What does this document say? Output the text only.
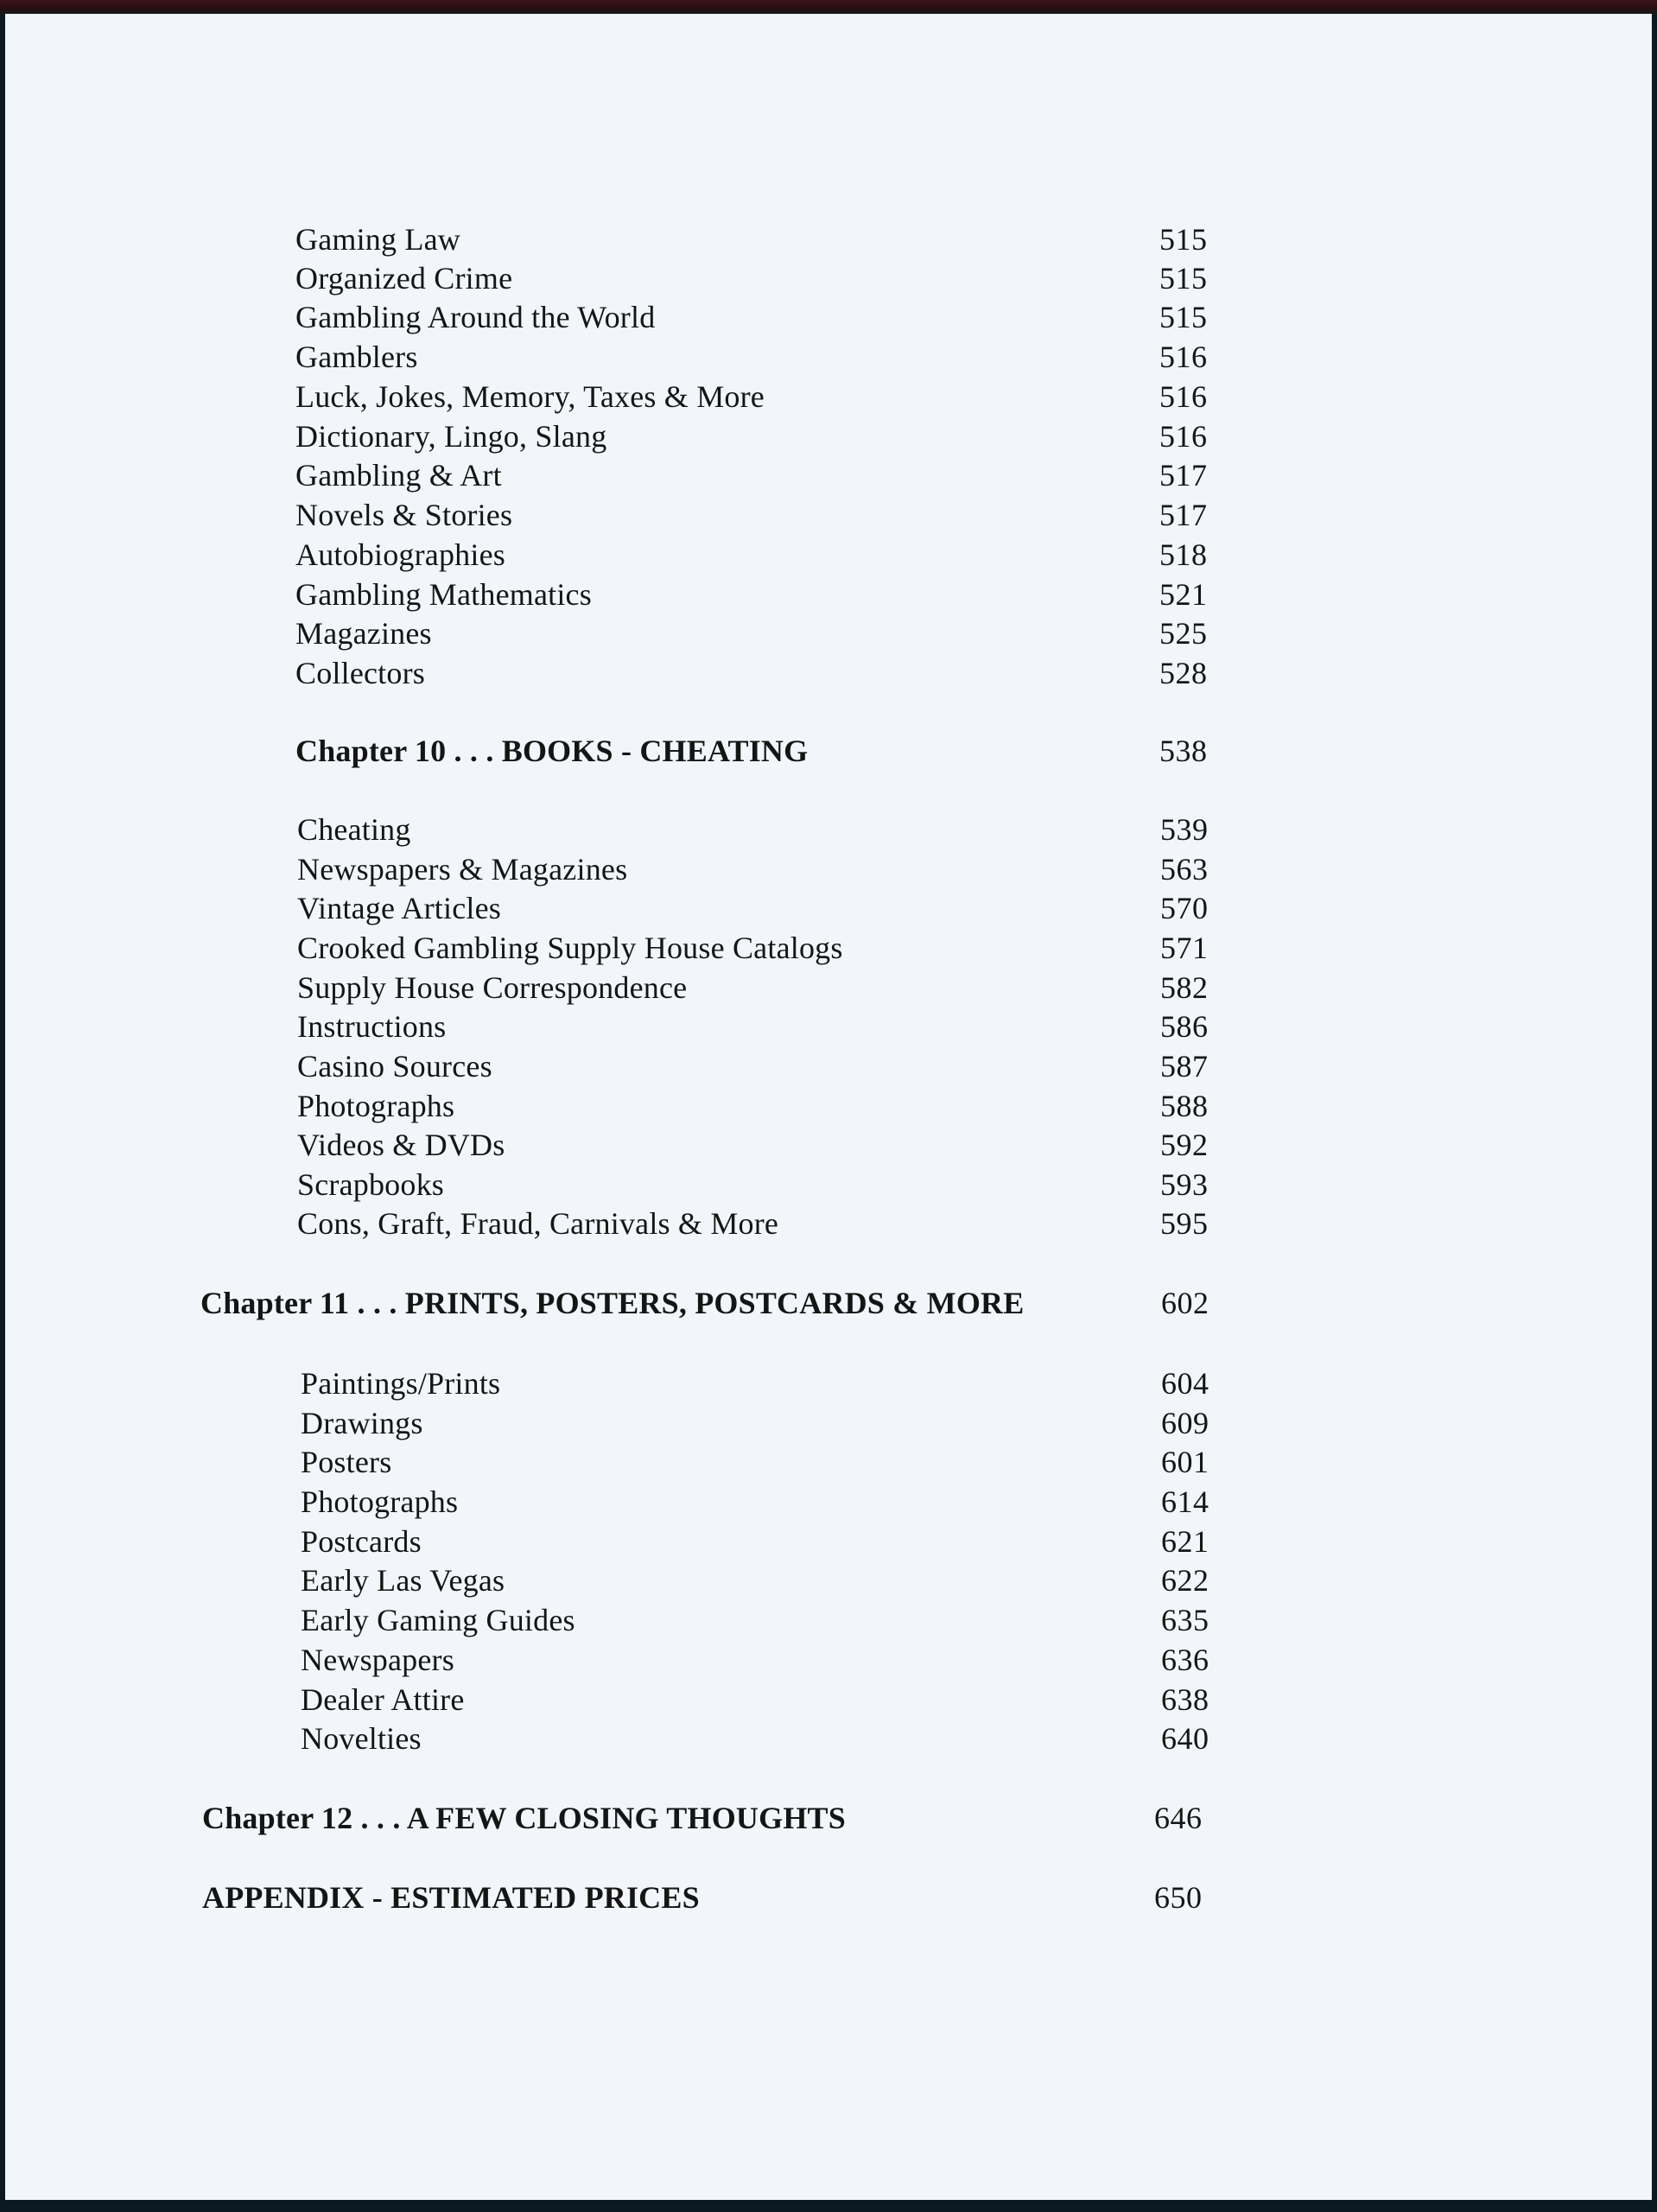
Gaming Law	515
Organized Crime	515
Gambling Around the World	515
Gamblers	516
Luck, Jokes, Memory, Taxes & More	516
Dictionary, Lingo, Slang	516
Gambling & Art	517
Novels & Stories	517
Autobiographies	518
Gambling Mathematics	521
Magazines	525
Collectors	528
Chapter 10 . . . BOOKS - CHEATING	538
Cheating	539
Newspapers & Magazines	563
Vintage Articles	570
Crooked Gambling Supply House Catalogs	571
Supply House Correspondence	582
Instructions	586
Casino Sources	587
Photographs	588
Videos & DVDs	592
Scrapbooks	593
Cons, Graft, Fraud, Carnivals & More	595
Chapter 11 . . . PRINTS, POSTERS, POSTCARDS & MORE	602
Paintings/Prints	604
Drawings	609
Posters	601
Photographs	614
Postcards	621
Early Las Vegas	622
Early Gaming Guides	635
Newspapers	636
Dealer Attire	638
Novelties	640
Chapter 12 . . . A FEW CLOSING THOUGHTS	646
APPENDIX - ESTIMATED PRICES	650
